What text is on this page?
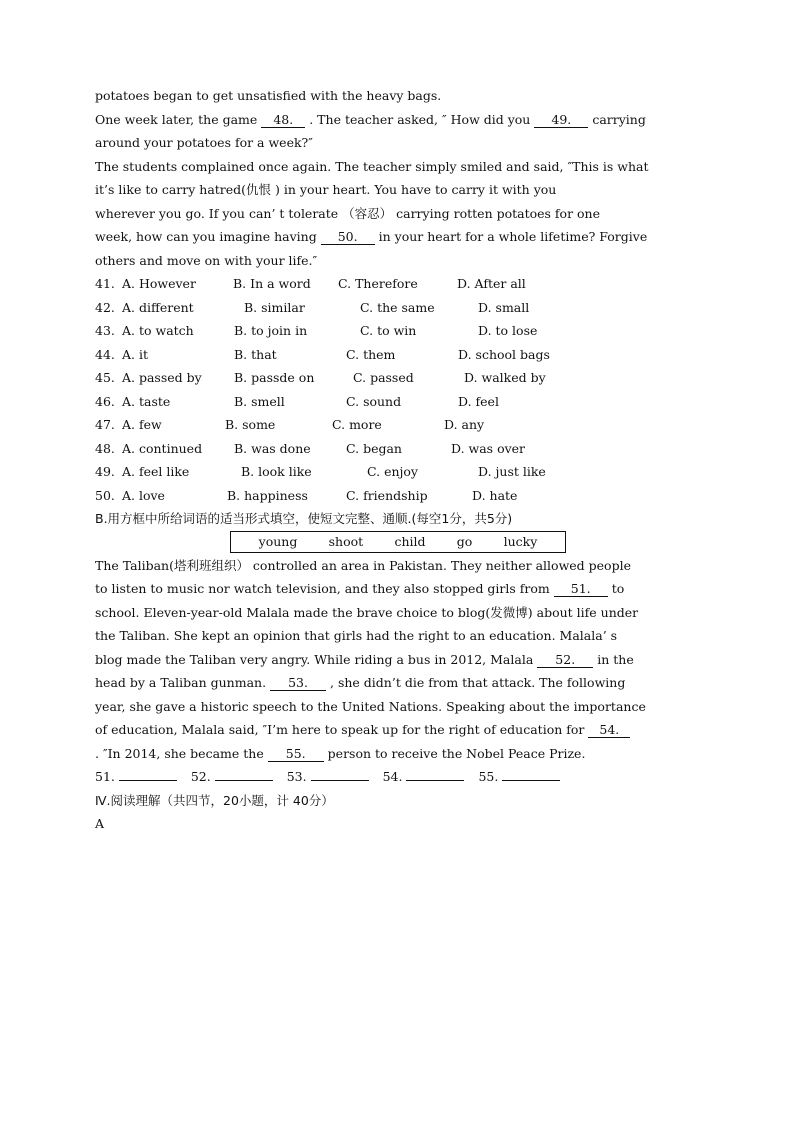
potatoes began to get unsatisfied with the heavy bags.
One week later, the game 48. . The teacher asked, ″ How did you 49. carrying
around your potatoes for a week?″
The students complained once again. The teacher simply smiled and said, ″This is what
it’s like to carry hatred(仇恨 ) in your heart. You have to carry it with you
wherever you go. If you can’ t tolerate （容忍） carrying rotten potatoes for one
week, how can you imagine having 50. in your heart for a whole lifetime? Forgive
others and move on with your life.″
41. A. However	B. In a word C. Therefore	D. After all
42. A. different	B. similar	C. the same	D. small
43. A. to watch	B. to join in	C. to win	D. to lose
44. A. it	B. that	C. them	D. school bags
45. A. passed by	B. passde on	C. passed	D. walked by
46. A. taste	B. smell	C. sound	D. feel
47. A. few	B. some	C. more	D. any
48. A. continued	B. was done	C. began	D. was over
49. A. feel like	B. look like	C. enjoy	D. just like
50. A. love	B. happiness	C. friendship	D. hate
B.用方框中所给词语的适当形式填空，使短文完整、通顺.(每空1分，共5分)
young	shoot	child	go	lucky
The Taliban(塔利班组织） controlled an area in Pakistan. They neither allowed people
to listen to music nor watch television, and they also stopped girls from 51. to
school. Eleven-year-old Malala made the brave choice to blog(发微博) about life under
the Taliban. She kept an opinion that girls had the right to an education. Malala’ s
blog made the Taliban very angry. While riding a bus in 2012, Malala 52. in the
head by a Taliban gunman. 53. , she didn’t die from that attack. The following
year, she gave a historic speech to the United Nations. Speaking about the importance
of education, Malala said, ″I’m here to speak up for the right of education for 54.
. ″In 2014, she became the 55. person to receive the Nobel Peace Prize.
51.	52.	53.	54.	55.
Ⅳ.阅读理解（共四节，20小题，计 40分）
A
